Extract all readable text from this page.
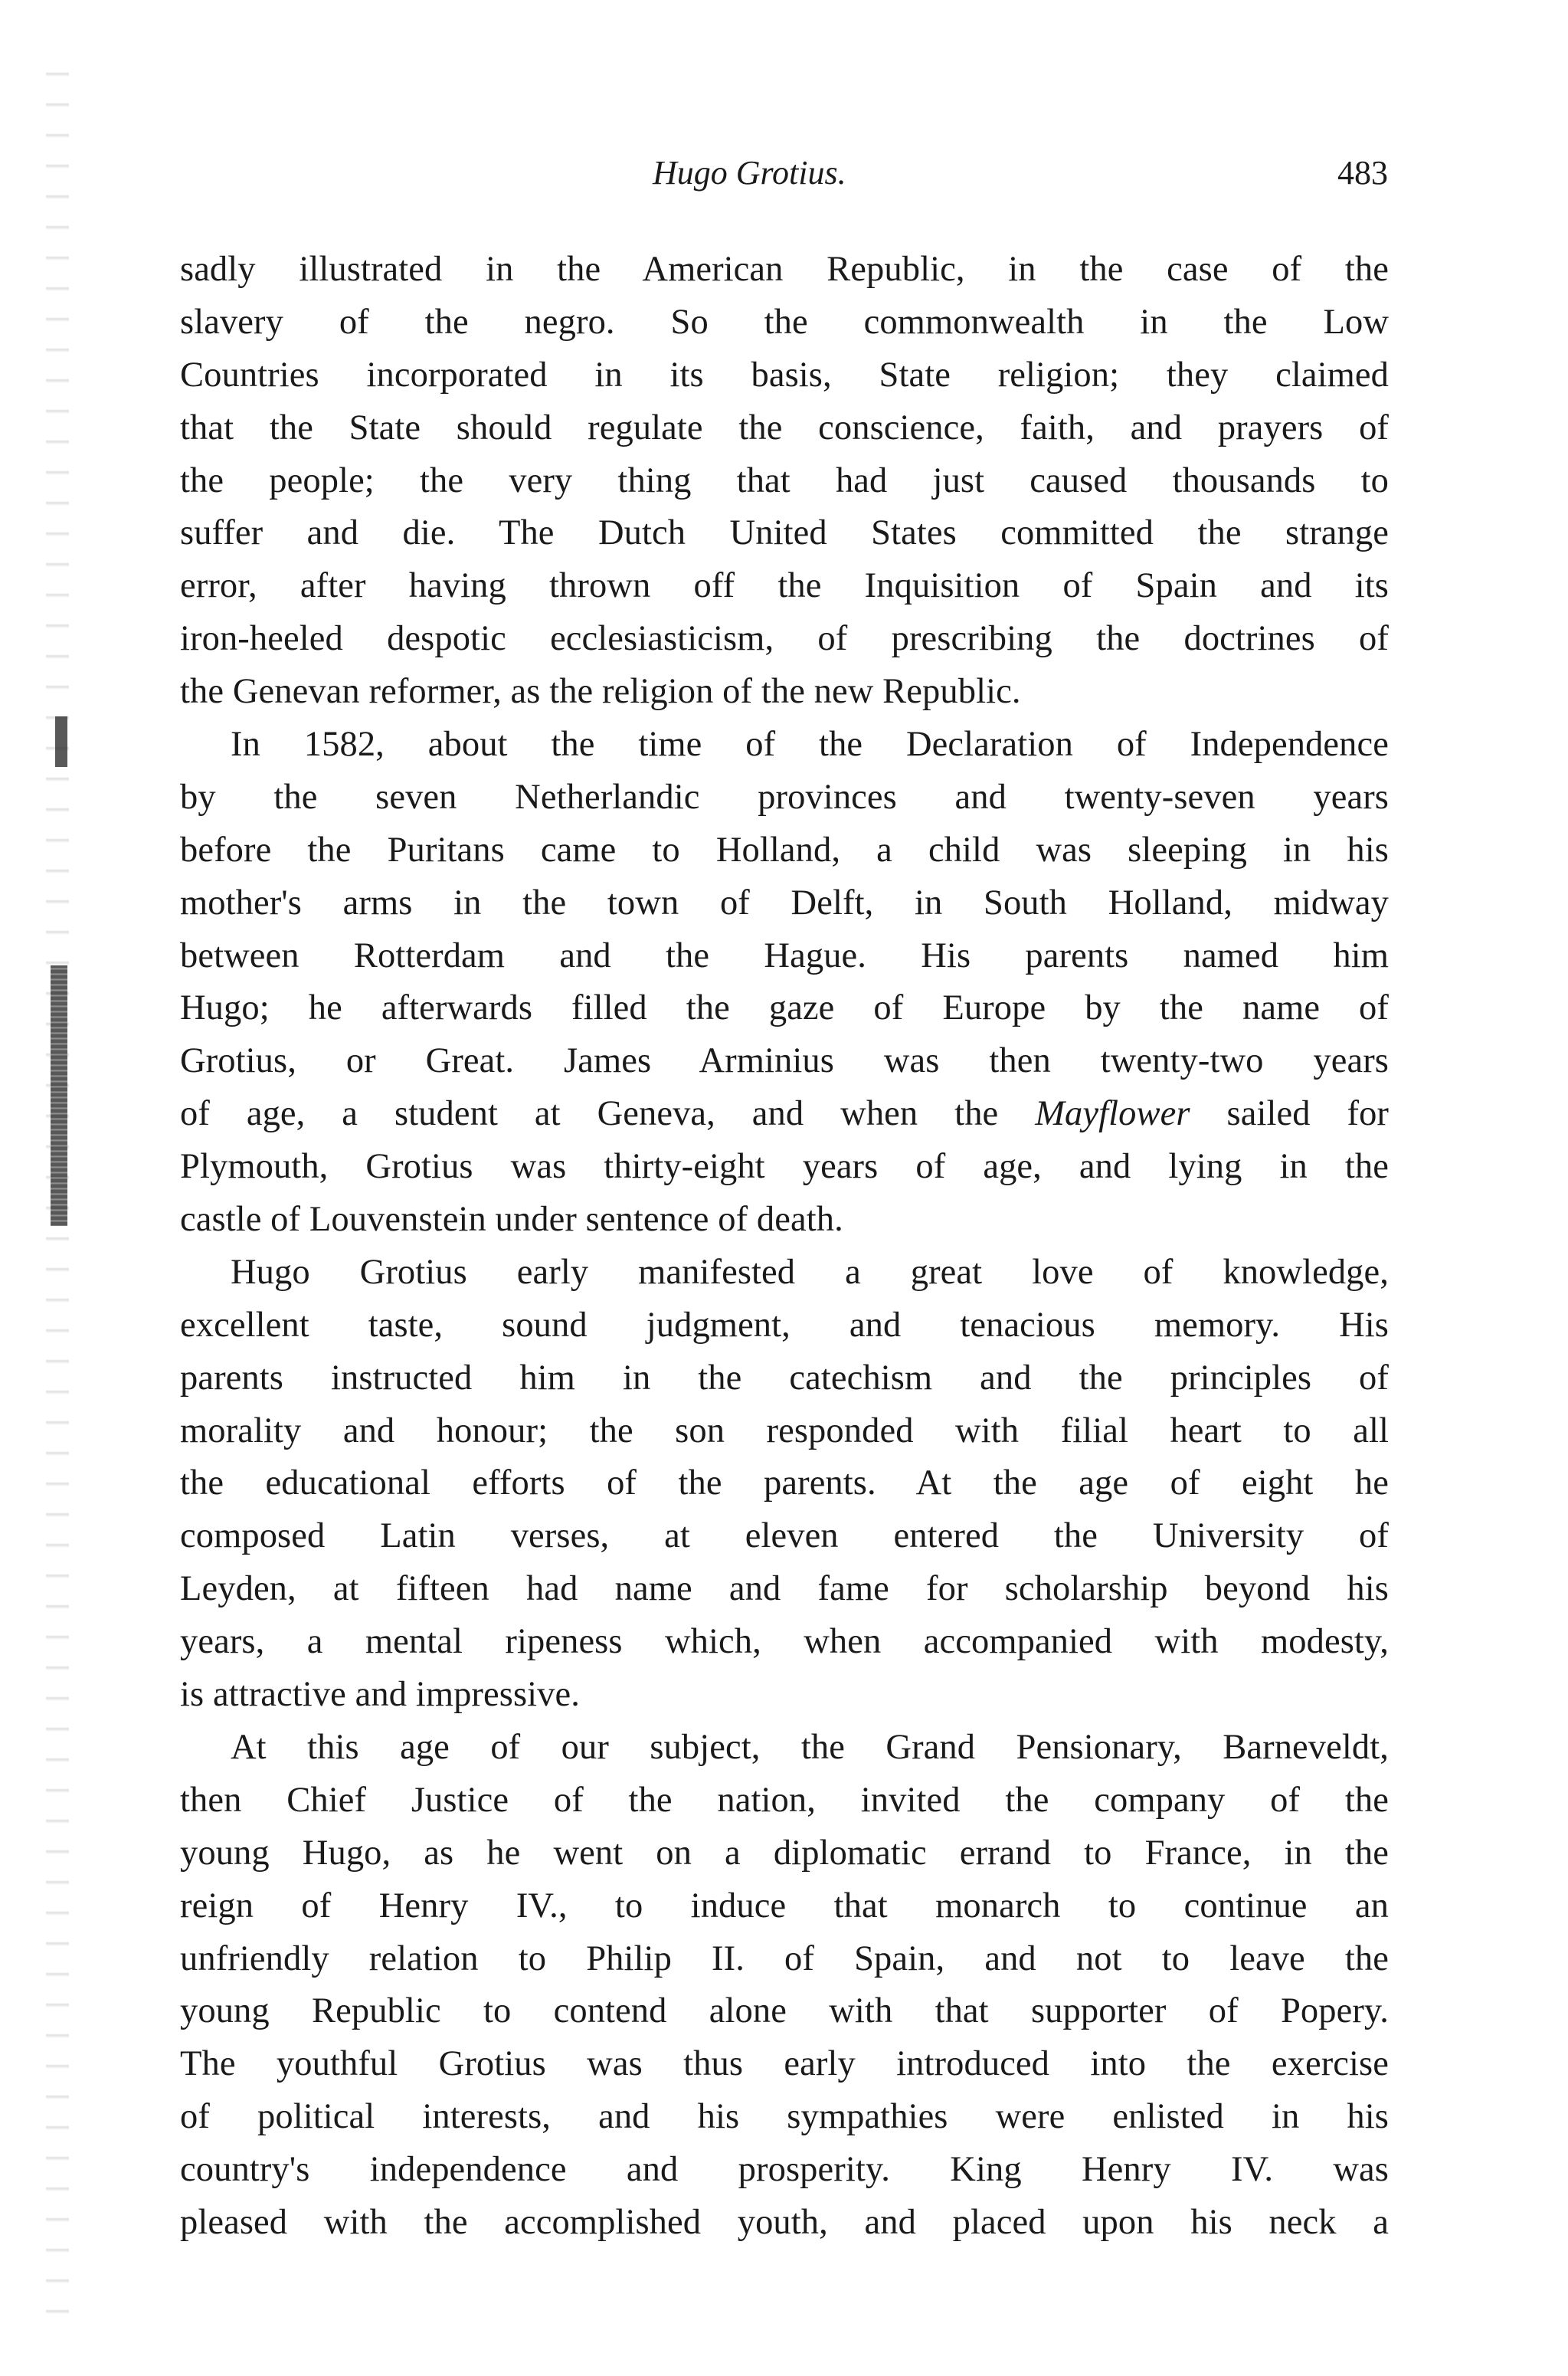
Hugo Grotius.	483
sadly illustrated in the American Republic, in the case of the
slavery of the negro. So the commonwealth in the Low
Countries incorporated in its basis, State religion; they claimed
that the State should regulate the conscience, faith, and prayers of
the people; the very thing that had just caused thousands to
suffer and die. The Dutch United States committed the strange
error, after having thrown off the Inquisition of Spain and its
iron-heeled despotic ecclesiasticism, of prescribing the doctrines of
the Genevan reformer, as the religion of the new Republic.
In 1582, about the time of the Declaration of Independence
by the seven Netherlandic provinces and twenty-seven years
before the Puritans came to Holland, a child was sleeping in his
mother's arms in the town of Delft, in South Holland, midway
between Rotterdam and the Hague. His parents named him
Hugo; he afterwards filled the gaze of Europe by the name of
Grotius, or Great. James Arminius was then twenty-two years
of age, a student at Geneva, and when the Mayflower sailed for
Plymouth, Grotius was thirty-eight years of age, and lying in the
castle of Louvenstein under sentence of death.
Hugo Grotius early manifested a great love of knowledge,
excellent taste, sound judgment, and tenacious memory. His
parents instructed him in the catechism and the principles of
morality and honour; the son responded with filial heart to all
the educational efforts of the parents. At the age of eight he
composed Latin verses, at eleven entered the University of
Leyden, at fifteen had name and fame for scholarship beyond his
years, a mental ripeness which, when accompanied with modesty,
is attractive and impressive.
At this age of our subject, the Grand Pensionary, Barneveldt,
then Chief Justice of the nation, invited the company of the
young Hugo, as he went on a diplomatic errand to France, in the
reign of Henry IV., to induce that monarch to continue an
unfriendly relation to Philip II. of Spain, and not to leave the
young Republic to contend alone with that supporter of Popery.
The youthful Grotius was thus early introduced into the exercise
of political interests, and his sympathies were enlisted in his
country's independence and prosperity. King Henry IV. was
pleased with the accomplished youth, and placed upon his neck a
